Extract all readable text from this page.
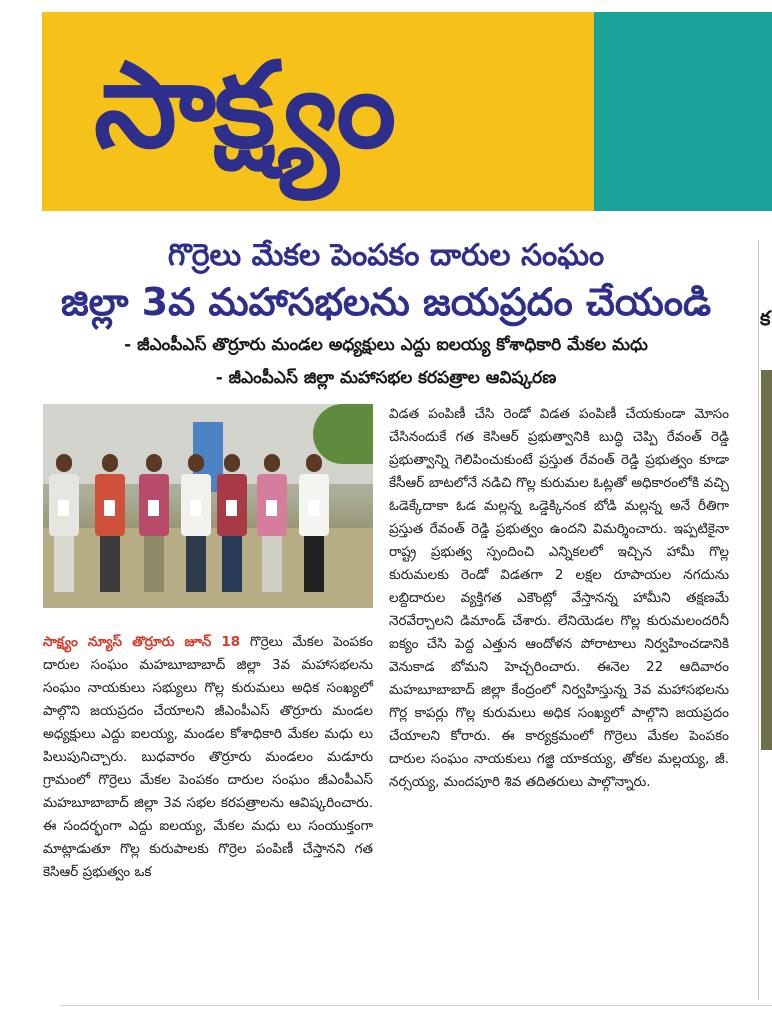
సాక్ష్యం
క
గొర్రెలు మేకల పెంపకం దారుల సంఘం
జిల్లా 3వ మహాసభలను జయప్రదం చేయండి
- జీఎంపీఎస్ తొర్రూరు మండల అధ్యక్షులు ఎద్దు ఐలయ్య కోశాధికారి మేకల మధు
- జీఎంపీఎస్ జిల్లా మహాసభల కరపత్రాల ఆవిష్కరణ
సాక్ష్యం న్యూస్ తొర్రూరు జూన్ 18 గొర్రెలు మేకల పెంపకం దారుల సంఘం మహబూబాబాద్ జిల్లా 3వ మహాసభలను సంఘం నాయకులు సభ్యులు గొల్ల కురుమలు అధిక సంఖ్యలో పాల్గొని జయప్రదం చేయాలని జీఎంపీఎస్ తొర్రూరు మండల అధ్యక్షులు ఎద్దు ఐలయ్య, మండల కోశాధికారి మేకల మధు లు పిలుపునిచ్చారు. బుధవారం తొర్రూరు మండలం మడూరు గ్రామంలో గొర్రెలు మేకల పెంపకం దారుల సంఘం జీఎంపీఎస్ మహబూబాబాద్ జిల్లా 3వ సభల కరపత్రాలను ఆవిష్కరించారు. ఈ సందర్భంగా ఎద్దు ఐలయ్య, మేకల మధు లు సంయుక్తంగా మాట్లాడుతూ గొల్ల కురుపాలకు గొర్రెల పంపిణీ చేస్తానని గత కెసిఆర్ ప్రభుత్వం ఒక
విడత పంపిణీ చేసి రెండో విడత పంపిణీ చేయకుండా మోసం చేసినందుకే గత కెసిఆర్ ప్రభుత్వానికి బుద్ధి చెప్పి రేవంత్ రెడ్డి ప్రభుత్వాన్ని గెలిపించుకుంటే ప్రస్తుత రేవంత్ రెడ్డి ప్రభుత్వం కూడా కేసీఆర్ బాటలోనే నడిచి గొల్ల కురుమల ఓట్లతో అధికారంలోకి వచ్చి ఓడెక్కేదాకా ఓడ మల్లన్న ఒడ్డెక్కినంక బోడి మల్లన్న అనే రీతిగా ప్రస్తుత రేవంత్ రెడ్డి ప్రభుత్వం ఉందని విమర్శించారు. ఇప్పటికైనా రాష్ట్ర ప్రభుత్వ స్పందించి ఎన్నికలలో ఇచ్చిన హామీ గొల్ల కురుమలకు రెండో విడతగా 2 లక్షల రూపాయల నగదును లబ్దిదారుల వ్యక్తిగత ఎకౌంట్లో వేస్తానన్న హామీని తక్షణమే నెరవేర్చాలని డిమాండ్ చేశారు. లేనియెడల గొల్ల కురుమలందరినీ ఐక్యం చేసి పెద్ద ఎత్తున ఆందోళన పోరాటాలు నిర్వహించడానికి వెనుకాడ బోమని హెచ్చరించారు. ఈనెల 22 ఆదివారం మహబూబాబాద్ జిల్లా కేంద్రంలో నిర్వహిస్తున్న 3వ మహాసభలను గొర్ల కాపర్లు గొల్ల కురుమలు అధిక సంఖ్యలో పాల్గొని జయప్రదం చేయాలని కోరారు. ఈ కార్యక్రమంలో గొర్రెలు మేకల పెంపకం దారుల సంఘం నాయకులు గజ్జి యాకయ్య, తోకల మల్లయ్య, జీ. నర్సయ్య, మందపూరి శివ తదితరులు పాల్గొన్నారు.
